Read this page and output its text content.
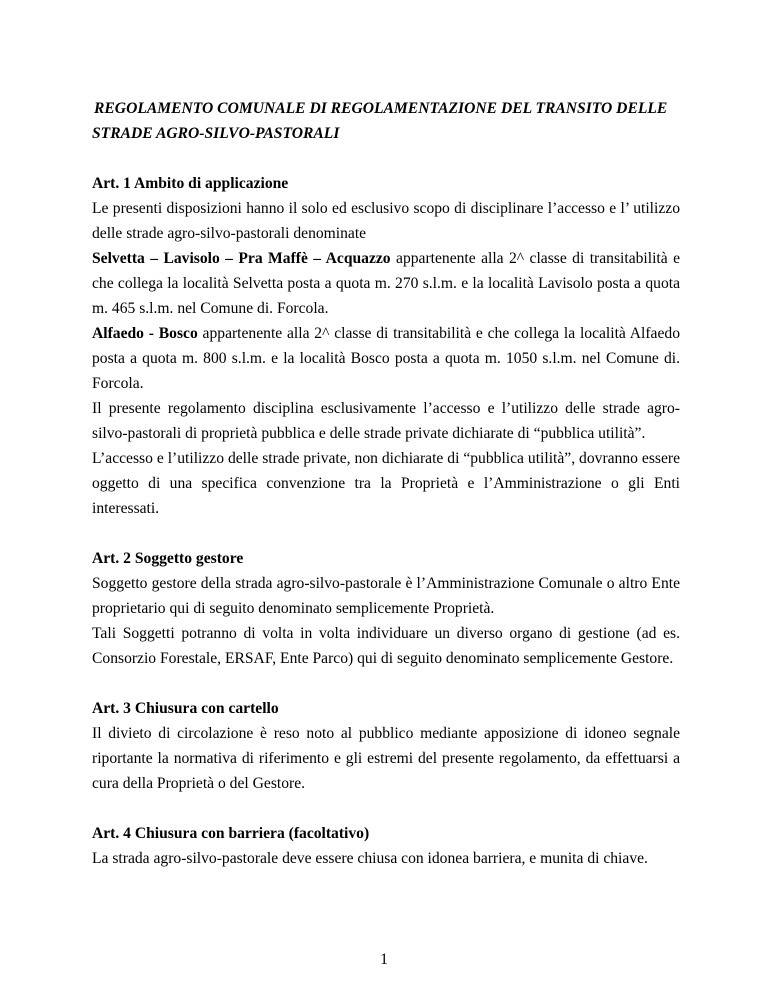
REGOLAMENTO COMUNALE DI REGOLAMENTAZIONE DEL TRANSITO DELLE
STRADE AGRO-SILVO-PASTORALI
Art. 1 Ambito di applicazione

Le presenti disposizioni hanno il solo ed esclusivo scopo di disciplinare l’accesso e l’ utilizzo delle strade agro-silvo-pastorali denominate

Selvetta – Lavisolo – Pra Maffè – Acquazzo appartenente alla 2^ classe di transitabilità e che collega la località Selvetta posta a quota m. 270 s.l.m. e la località Lavisolo posta a quota m. 465 s.l.m. nel Comune di. Forcola.

Alfaedo - Bosco appartenente alla 2^ classe di transitabilità e che collega la località Alfaedo posta a quota m. 800 s.l.m. e la località Bosco posta a quota m. 1050 s.l.m. nel Comune di. Forcola.

Il presente regolamento disciplina esclusivamente l’accesso e l’utilizzo delle strade agro-silvo-pastorali di proprietà pubblica e delle strade private dichiarate di “pubblica utilità”.

L’accesso e l’utilizzo delle strade private, non dichiarate di “pubblica utilità”, dovranno essere oggetto di una specifica convenzione tra la Proprietà e l’Amministrazione o gli Enti interessati.

Art. 2 Soggetto gestore

Soggetto gestore della strada agro-silvo-pastorale è l’Amministrazione Comunale o altro Ente proprietario qui di seguito denominato semplicemente Proprietà.

Tali Soggetti potranno di volta in volta individuare un diverso organo di gestione (ad es. Consorzio Forestale, ERSAF, Ente Parco) qui di seguito denominato semplicemente Gestore.

Art. 3 Chiusura con cartello

Il divieto di circolazione è reso noto al pubblico mediante apposizione di idoneo segnale riportante la normativa di riferimento e gli estremi del presente regolamento, da effettuarsi a cura della Proprietà o del Gestore.

Art. 4 Chiusura con barriera (facoltativo)

La strada agro-silvo-pastorale deve essere chiusa con idonea barriera, e munita di chiave.

1
